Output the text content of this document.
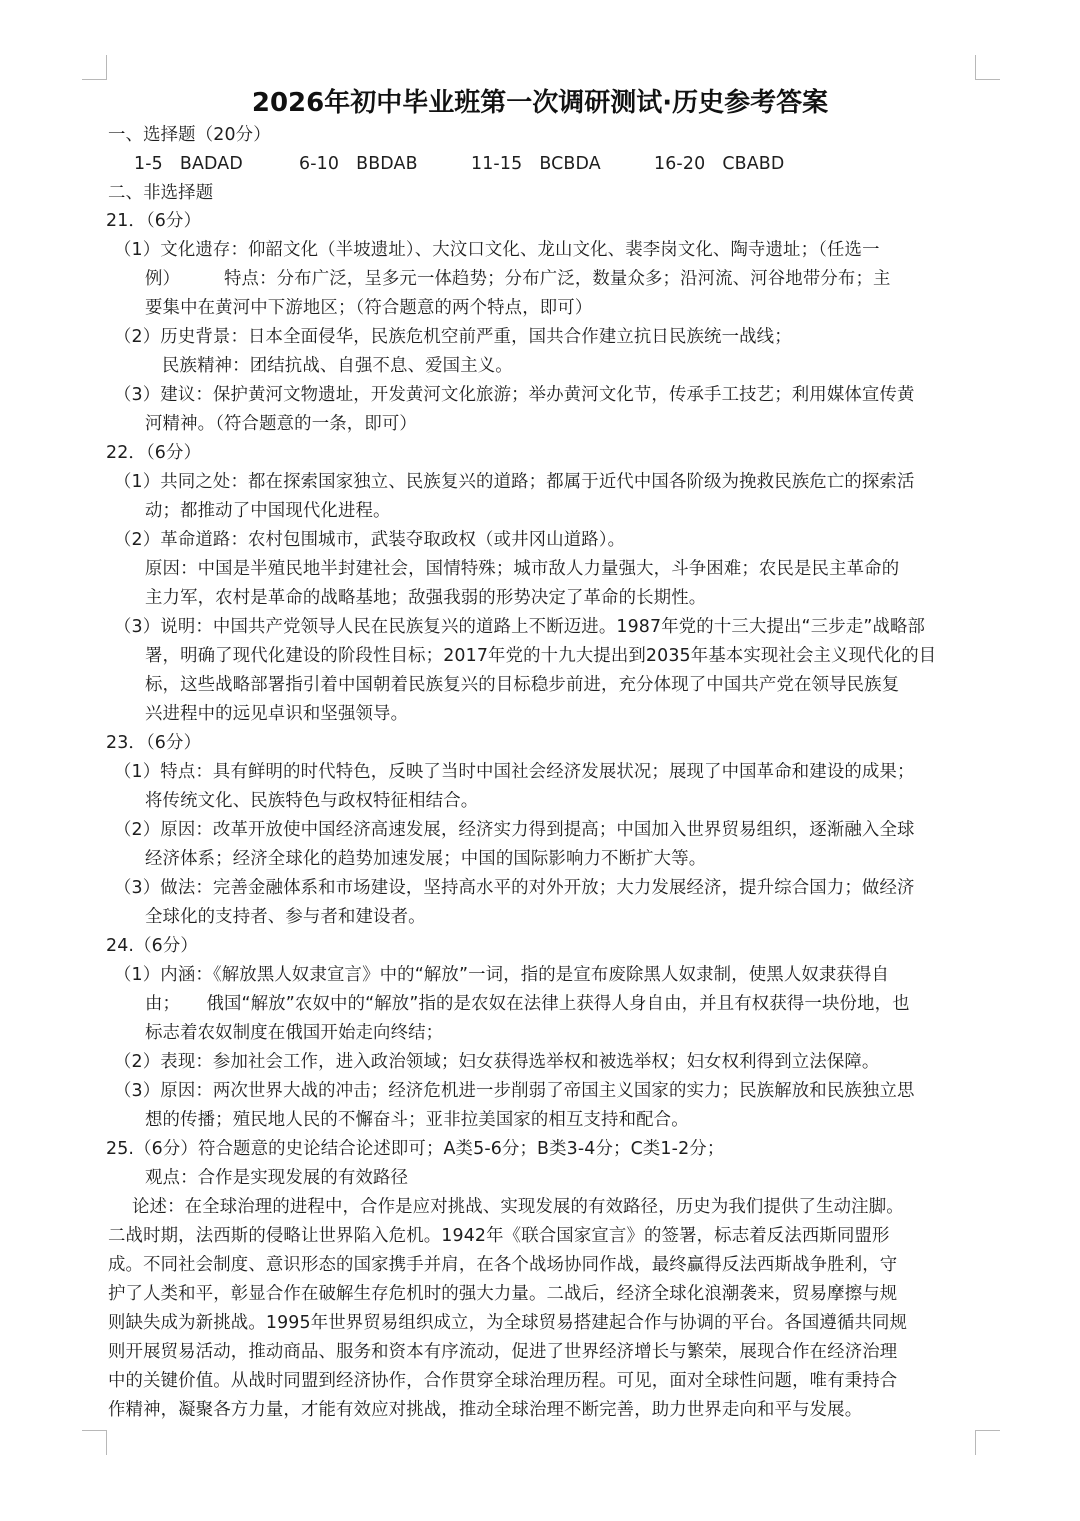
2026年初中毕业班第一次调研测试·历史参考答案
一、选择题（20分）
1-5 BADAD	6-10 BBDAB	11-15 BCBDA	16-20 CBABD
二、非选择题
21．（6分）
（1）文化遗存：仰韶文化（半坡遗址）、大汶口文化、龙山文化、裴李岗文化、陶寺遗址；（任选一
例）　　　特点：分布广泛，呈多元一体趋势；分布广泛，数量众多；沿河流、河谷地带分布；主
要集中在黄河中下游地区；（符合题意的两个特点，即可）
（2）历史背景：日本全面侵华，民族危机空前严重，国共合作建立抗日民族统一战线；
民族精神：团结抗战、自强不息、爱国主义。
（3）建议：保护黄河文物遗址，开发黄河文化旅游；举办黄河文化节，传承手工技艺；利用媒体宣传黄
河精神。（符合题意的一条，即可）
22．（6分）
（1）共同之处：都在探索国家独立、民族复兴的道路；都属于近代中国各阶级为挽救民族危亡的探索活
动；都推动了中国现代化进程。
（2）革命道路：农村包围城市，武装夺取政权（或井冈山道路）。
原因：中国是半殖民地半封建社会，国情特殊；城市敌人力量强大，斗争困难；农民是民主革命的
主力军，农村是革命的战略基地；敌强我弱的形势决定了革命的长期性。
（3）说明：中国共产党领导人民在民族复兴的道路上不断迈进。1987年党的十三大提出“三步走”战略部
署，明确了现代化建设的阶段性目标；2017年党的十九大提出到2035年基本实现社会主义现代化的目
标，这些战略部署指引着中国朝着民族复兴的目标稳步前进，充分体现了中国共产党在领导民族复
兴进程中的远见卓识和坚强领导。
23．（6分）
（1）特点：具有鲜明的时代特色，反映了当时中国社会经济发展状况；展现了中国革命和建设的成果；
将传统文化、民族特色与政权特征相结合。
（2）原因：改革开放使中国经济高速发展，经济实力得到提高；中国加入世界贸易组织，逐渐融入全球
经济体系；经济全球化的趋势加速发展；中国的国际影响力不断扩大等。
（3）做法：完善金融体系和市场建设，坚持高水平的对外开放；大力发展经济，提升综合国力；做经济
全球化的支持者、参与者和建设者。
24.（6分）
（1）内涵：《解放黑人奴隶宣言》中的“解放”一词，指的是宣布废除黑人奴隶制，使黑人奴隶获得自
由；　　俄国“解放”农奴中的“解放”指的是农奴在法律上获得人身自由，并且有权获得一块份地，也
标志着农奴制度在俄国开始走向终结；
（2）表现：参加社会工作，进入政治领域；妇女获得选举权和被选举权；妇女权利得到立法保障。
（3）原因：两次世界大战的冲击；经济危机进一步削弱了帝国主义国家的实力；民族解放和民族独立思
想的传播；殖民地人民的不懈奋斗；亚非拉美国家的相互支持和配合。
25.（6分）符合题意的史论结合论述即可；A类5-6分；B类3-4分；C类1-2分；
观点：合作是实现发展的有效路径
论述：在全球治理的进程中，合作是应对挑战、实现发展的有效路径，历史为我们提供了生动注脚。
二战时期，法西斯的侵略让世界陷入危机。1942年《联合国家宣言》的签署，标志着反法西斯同盟形
成。不同社会制度、意识形态的国家携手并肩，在各个战场协同作战，最终赢得反法西斯战争胜利，守
护了人类和平，彰显合作在破解生存危机时的强大力量。二战后，经济全球化浪潮袭来，贸易摩擦与规
则缺失成为新挑战。1995年世界贸易组织成立，为全球贸易搭建起合作与协调的平台。各国遵循共同规
则开展贸易活动，推动商品、服务和资本有序流动，促进了世界经济增长与繁荣，展现合作在经济治理
中的关键价值。从战时同盟到经济协作，合作贯穿全球治理历程。可见，面对全球性问题，唯有秉持合
作精神，凝聚各方力量，才能有效应对挑战，推动全球治理不断完善，助力世界走向和平与发展。
